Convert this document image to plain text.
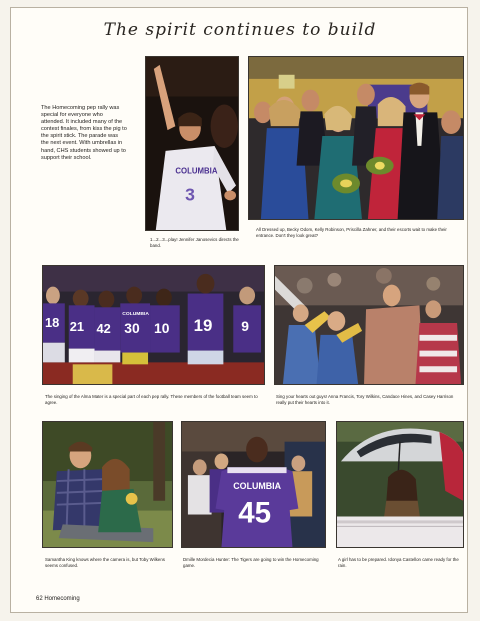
The spirit continues to build

The Homecoming pep rally was special for everyone who attended. It included many of the contest finales, from kiss the pig to the spirit stick. The parade was the next event. With umbrellas in hand, CHS students showed up to support their school.

COLUMBIA
3

1...2...3...play! Jennifer Janosevics directs the band.

All Dressed up, Becky Odom, Kelly Robinson, Priscilla Zahner, and their escorts wait to make their entrance. Don't they look great?

18 21 42 30 10 19 9
COLUMBIA

The singing of the Alma Mater is a special part of each pep rally. These members of the football team seem to agree.

Sing your hearts out guys! Anna Francis, Tory Wilkins, Candace Hines, and Casey Harrison really put their hearts into it.

Samantha King knows where the camera is, but Toby Wilkens seems confused.

COLUMBIA
45

Dmille Mordecia Hunter: The Tigers are going to win the Homecoming game.

A girl has to be prepared. Idonya Castellon came ready for the rain.

62 Homecoming
